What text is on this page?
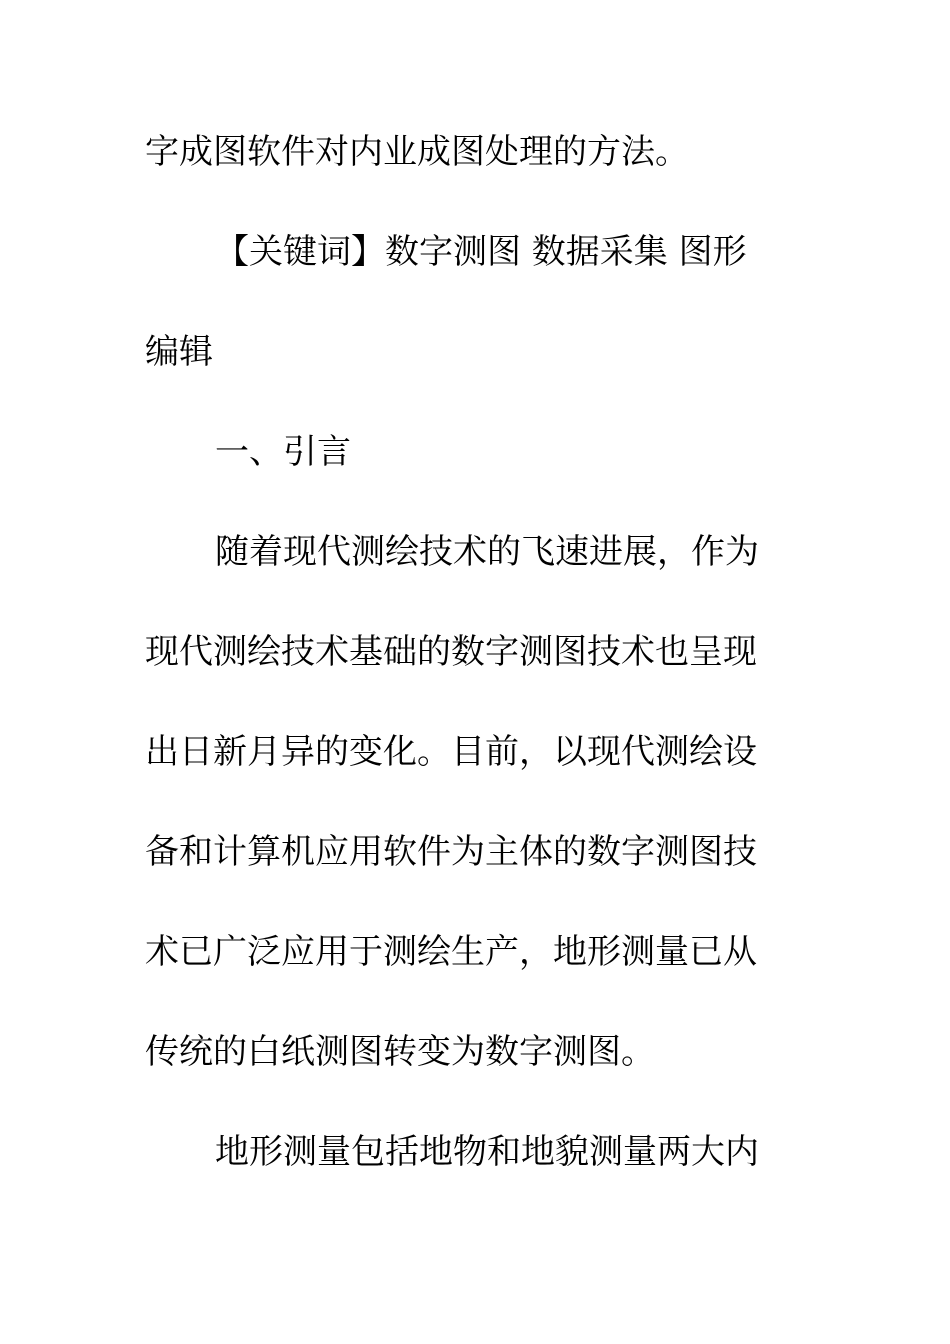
字成图软件对内业成图处理的方法。
【关键词】数字测图 数据采集 图形
编辑
一、引言
随着现代测绘技术的飞速进展，作为
现代测绘技术基础的数字测图技术也呈现
出日新月异的变化。目前，以现代测绘设
备和计算机应用软件为主体的数字测图技
术已广泛应用于测绘生产，地形测量已从
传统的白纸测图转变为数字测图。
地形测量包括地物和地貌测量两大内
